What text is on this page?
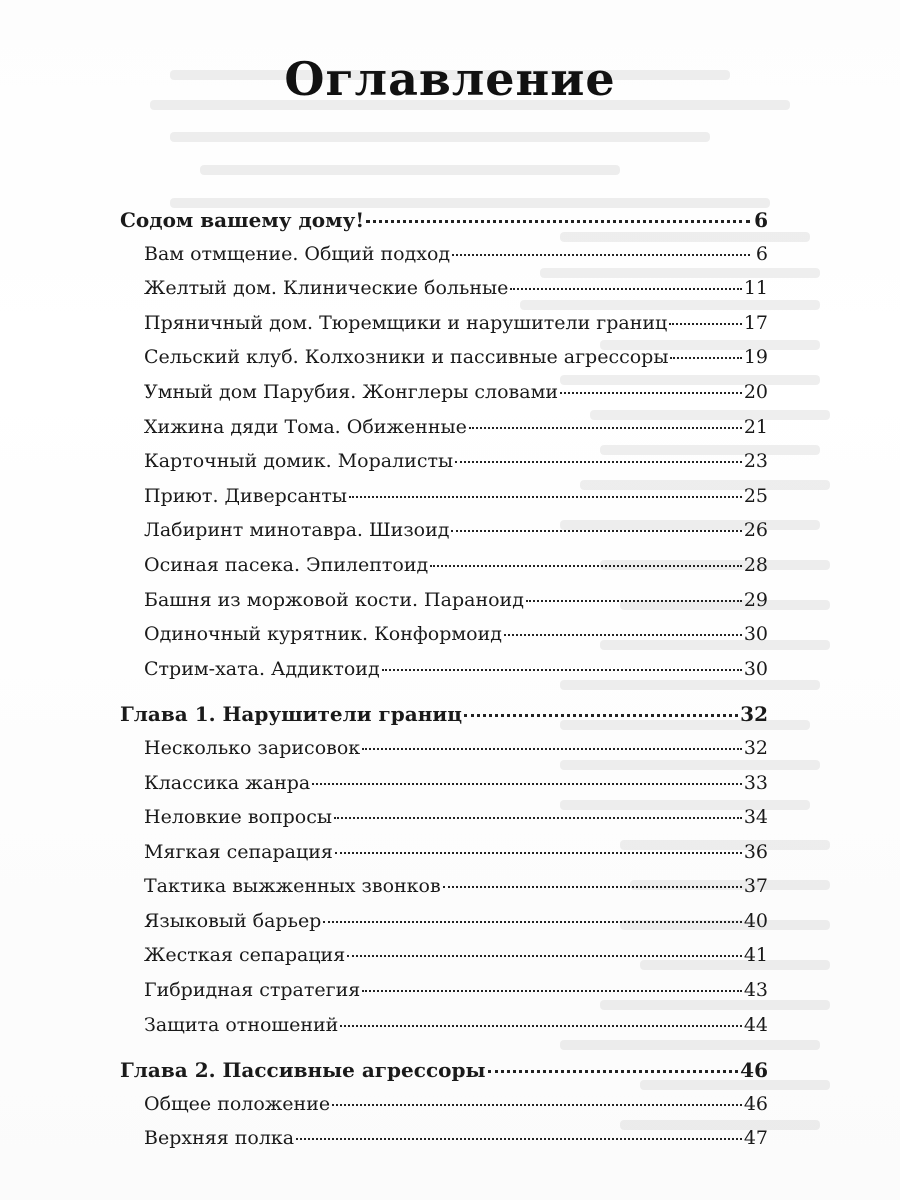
Оглавление
Содом вашему дому!	6
Вам отмщение. Общий подход	6
Желтый дом. Клинические больные	11
Пряничный дом. Тюремщики и нарушители границ	17
Сельский клуб. Колхозники и пассивные агрессоры	19
Умный дом Парубия. Жонглеры словами	20
Хижина дяди Тома. Обиженные	21
Карточный домик. Моралисты	23
Приют. Диверсанты	25
Лабиринт минотавра. Шизоид	26
Осиная пасека. Эпилептоид	28
Башня из моржовой кости. Параноид	29
Одиночный курятник. Конформоид	30
Стрим-хата. Аддиктоид	30
Глава 1. Нарушители границ	32
Несколько зарисовок	32
Классика жанра	33
Неловкие вопросы	34
Мягкая сепарация	36
Тактика выжженных звонков	37
Языковый барьер	40
Жесткая сепарация	41
Гибридная стратегия	43
Защита отношений	44
Глава 2. Пассивные агрессоры	46
Общее положение	46
Верхняя полка	47
